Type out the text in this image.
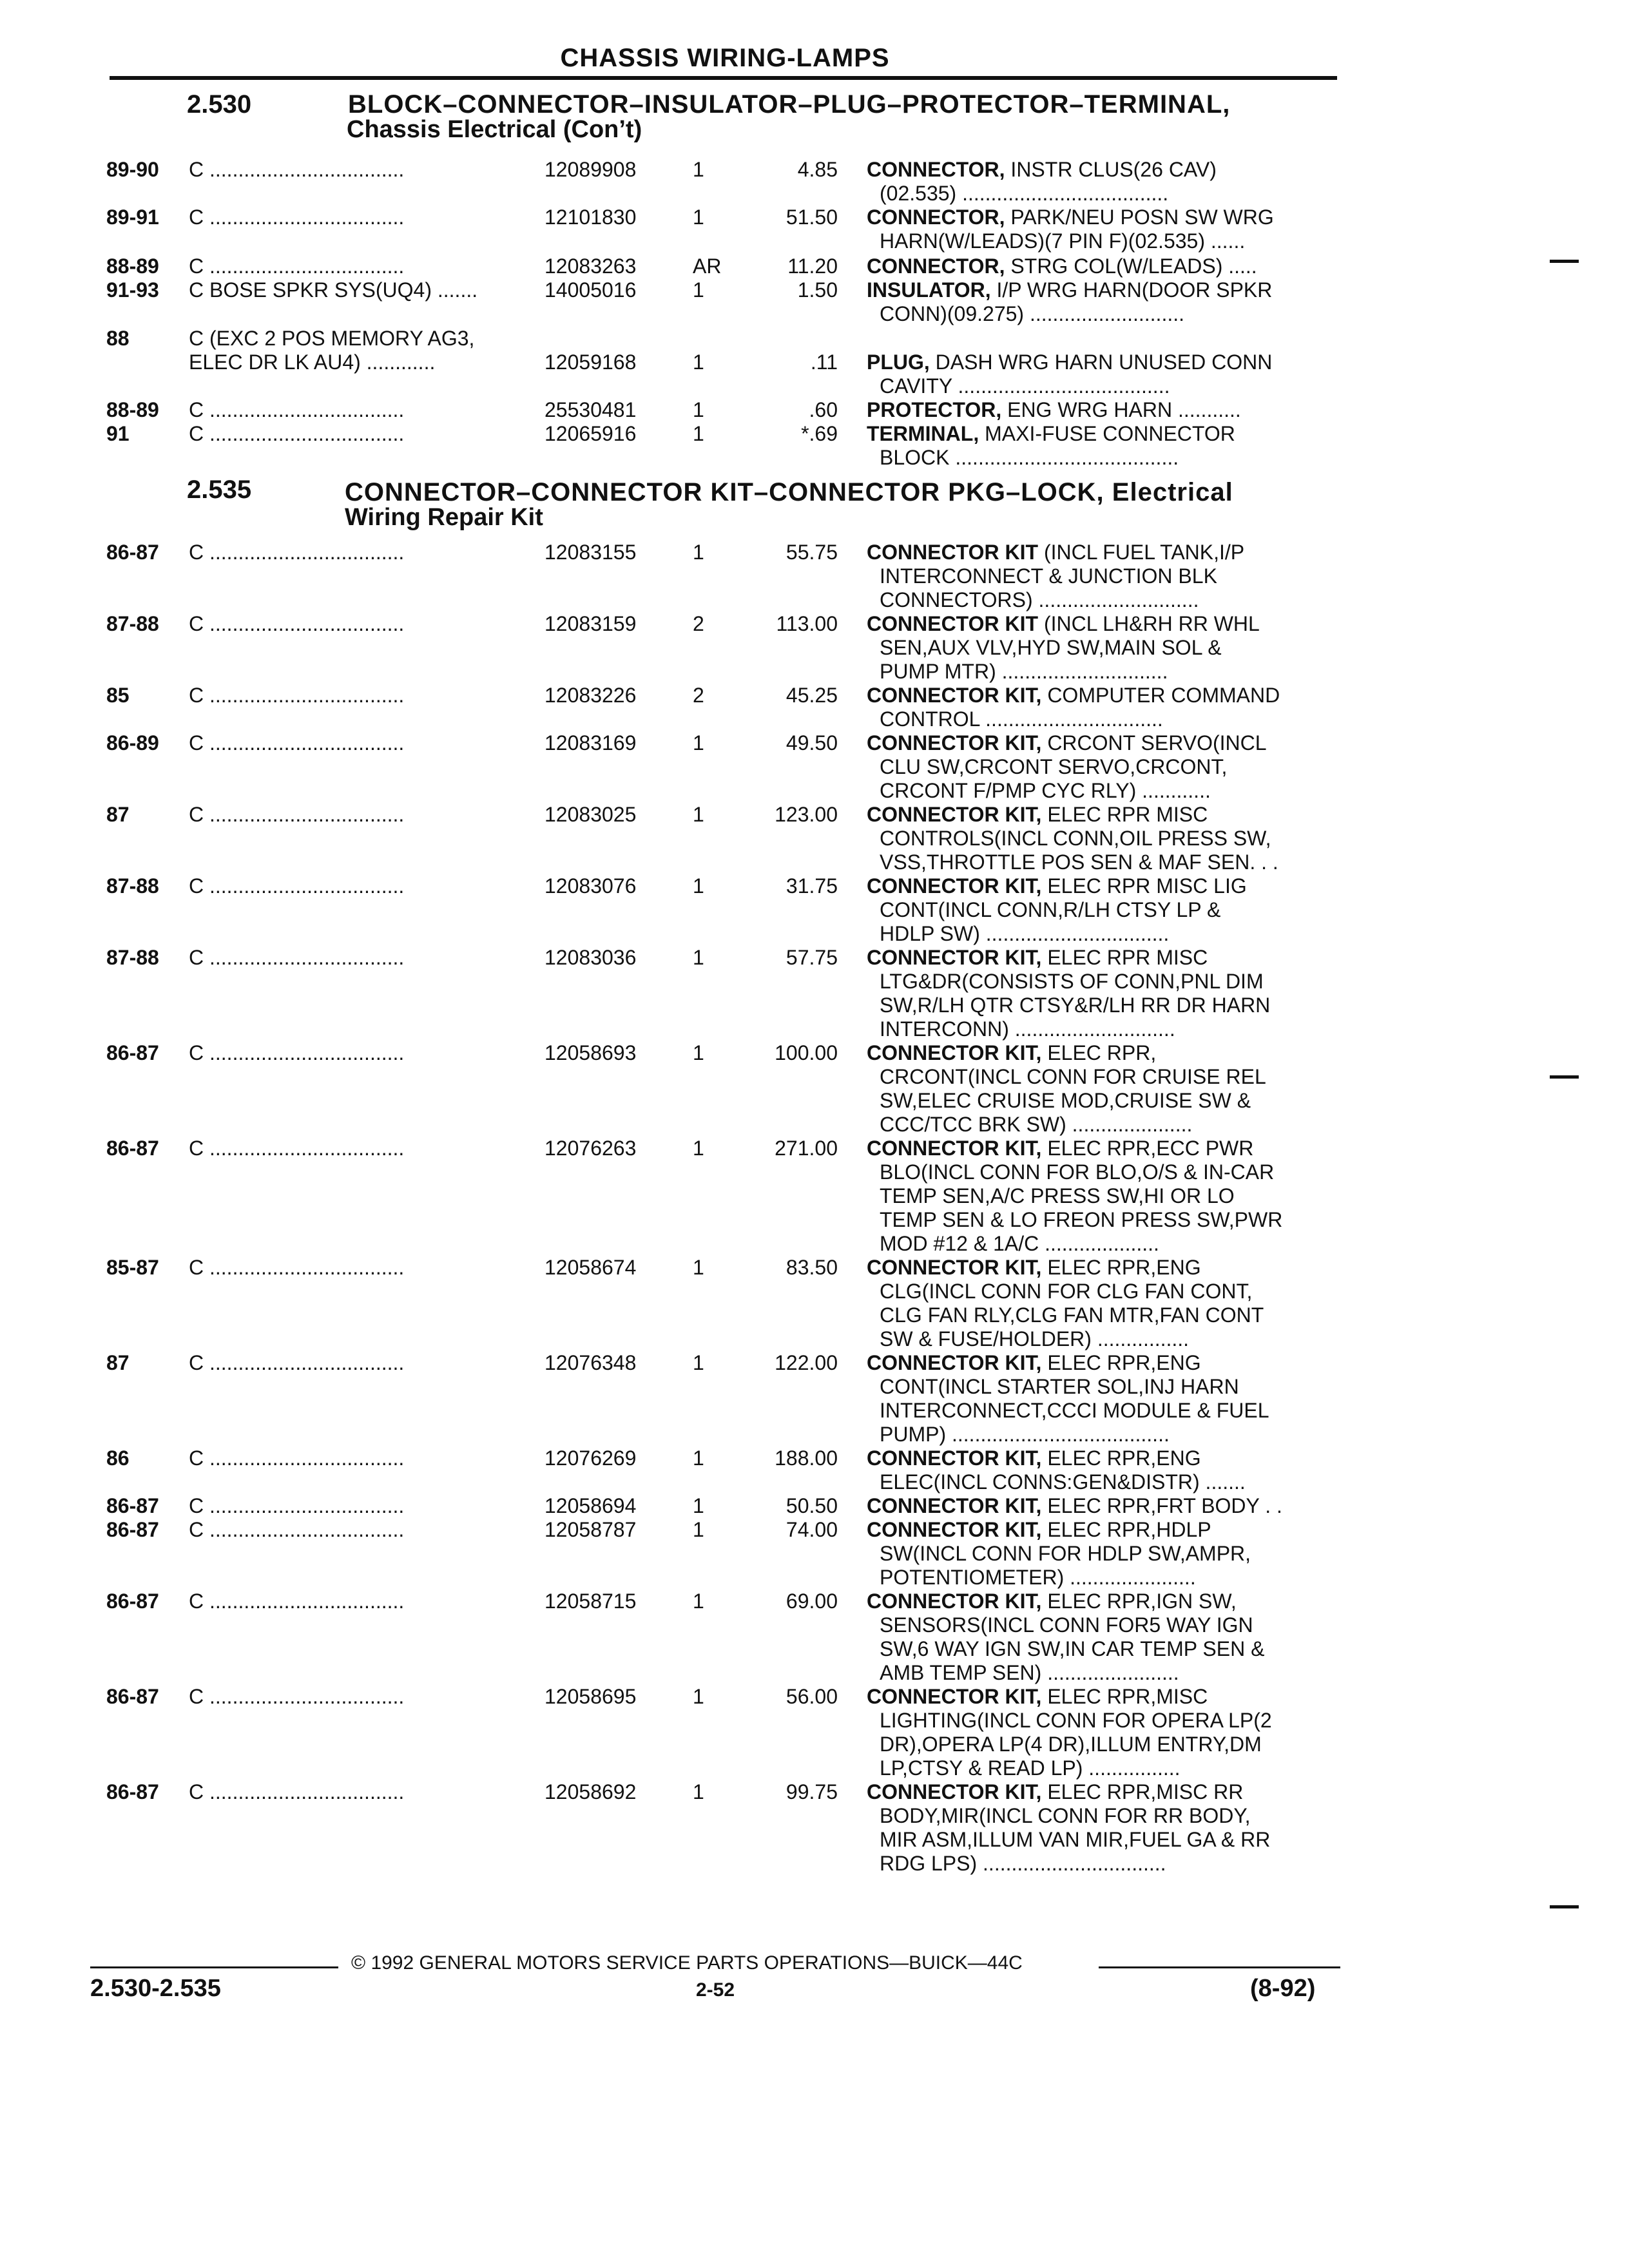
CHASSIS WIRING-LAMPS
2.530	BLOCK–CONNECTOR–INSULATOR–PLUG–PROTECTOR–TERMINAL,
Chassis Electrical (Con’t)
2.535	CONNECTOR–CONNECTOR KIT–CONNECTOR PKG–LOCK, Electrical
Wiring Repair Kit
89-90 C ..................................	12089908	1	4.85 CONNECTOR, INSTR CLUS(26 CAV)
(02.535) ....................................
89-91 C ..................................	12101830	1	51.50 CONNECTOR, PARK/NEU POSN SW WRG
HARN(W/LEADS)(7 PIN F)(02.535) ......
88-89 C ..................................	12083263	AR	11.20 CONNECTOR, STRG COL(W/LEADS) .....
91-93 C BOSE SPKR SYS(UQ4) .......	14005016	1	1.50 INSULATOR, I/P WRG HARN(DOOR SPKR
CONN)(09.275) ...........................
88	C (EXC 2 POS MEMORY AG3,
ELEC DR LK AU4) ............	12059168	1	.11 PLUG, DASH WRG HARN UNUSED CONN
CAVITY .....................................
88-89 C ..................................	25530481	1	.60 PROTECTOR, ENG WRG HARN ...........
91	C ..................................	12065916	1	*.69 TERMINAL, MAXI-FUSE CONNECTOR
BLOCK .......................................
86-87 C ..................................	12083155	1	55.75 CONNECTOR KIT (INCL FUEL TANK,I/P
INTERCONNECT & JUNCTION BLK
CONNECTORS) ............................
87-88 C ..................................	12083159	2	113.00 CONNECTOR KIT (INCL LH&RH RR WHL
SEN,AUX VLV,HYD SW,MAIN SOL &
PUMP MTR) .............................
85	C ..................................	12083226	2	45.25 CONNECTOR KIT, COMPUTER COMMAND
CONTROL ...............................
86-89 C ..................................	12083169	1	49.50 CONNECTOR KIT, CRCONT SERVO(INCL
CLU SW,CRCONT SERVO,CRCONT,
CRCONT F/PMP CYC RLY) ............
87	C ..................................	12083025	1	123.00 CONNECTOR KIT, ELEC RPR MISC
CONTROLS(INCL CONN,OIL PRESS SW,
VSS,THROTTLE POS SEN & MAF SEN. . .
87-88 C ..................................	12083076	1	31.75 CONNECTOR KIT, ELEC RPR MISC LIG
CONT(INCL CONN,R/LH CTSY LP &
HDLP SW) ................................
87-88 C ..................................	12083036	1	57.75 CONNECTOR KIT, ELEC RPR MISC
LTG&DR(CONSISTS OF CONN,PNL DIM
SW,R/LH QTR CTSY&R/LH RR DR HARN
INTERCONN) ............................
86-87 C ..................................	12058693	1	100.00 CONNECTOR KIT, ELEC RPR,
CRCONT(INCL CONN FOR CRUISE REL
SW,ELEC CRUISE MOD,CRUISE SW &
CCC/TCC BRK SW) .....................
86-87 C ..................................	12076263	1	271.00 CONNECTOR KIT, ELEC RPR,ECC PWR
BLO(INCL CONN FOR BLO,O/S & IN-CAR
TEMP SEN,A/C PRESS SW,HI OR LO
TEMP SEN & LO FREON PRESS SW,PWR
MOD #12 & 1A/C ....................
85-87 C ..................................	12058674	1	83.50 CONNECTOR KIT, ELEC RPR,ENG
CLG(INCL CONN FOR CLG FAN CONT,
CLG FAN RLY,CLG FAN MTR,FAN CONT
SW & FUSE/HOLDER) ................
87	C ..................................	12076348	1	122.00 CONNECTOR KIT, ELEC RPR,ENG
CONT(INCL STARTER SOL,INJ HARN
INTERCONNECT,CCCI MODULE & FUEL
PUMP) ......................................
86	C ..................................	12076269	1	188.00 CONNECTOR KIT, ELEC RPR,ENG
ELEC(INCL CONNS:GEN&DISTR) .......
86-87 C ..................................	12058694	1	50.50 CONNECTOR KIT, ELEC RPR,FRT BODY . .
86-87 C ..................................	12058787	1	74.00 CONNECTOR KIT, ELEC RPR,HDLP
SW(INCL CONN FOR HDLP SW,AMPR,
POTENTIOMETER) ......................
86-87 C ..................................	12058715	1	69.00 CONNECTOR KIT, ELEC RPR,IGN SW,
SENSORS(INCL CONN FOR5 WAY IGN
SW,6 WAY IGN SW,IN CAR TEMP SEN &
AMB TEMP SEN) .......................
86-87 C ..................................	12058695	1	56.00 CONNECTOR KIT, ELEC RPR,MISC
LIGHTING(INCL CONN FOR OPERA LP(2
DR),OPERA LP(4 DR),ILLUM ENTRY,DM
LP,CTSY & READ LP) ................
86-87 C ..................................	12058692	1	99.75 CONNECTOR KIT, ELEC RPR,MISC RR
BODY,MIR(INCL CONN FOR RR BODY,
MIR ASM,ILLUM VAN MIR,FUEL GA & RR
RDG LPS) ................................
© 1992 GENERAL MOTORS SERVICE PARTS OPERATIONS—BUICK—44C
2.530-2.535	2-52	(8-92)
